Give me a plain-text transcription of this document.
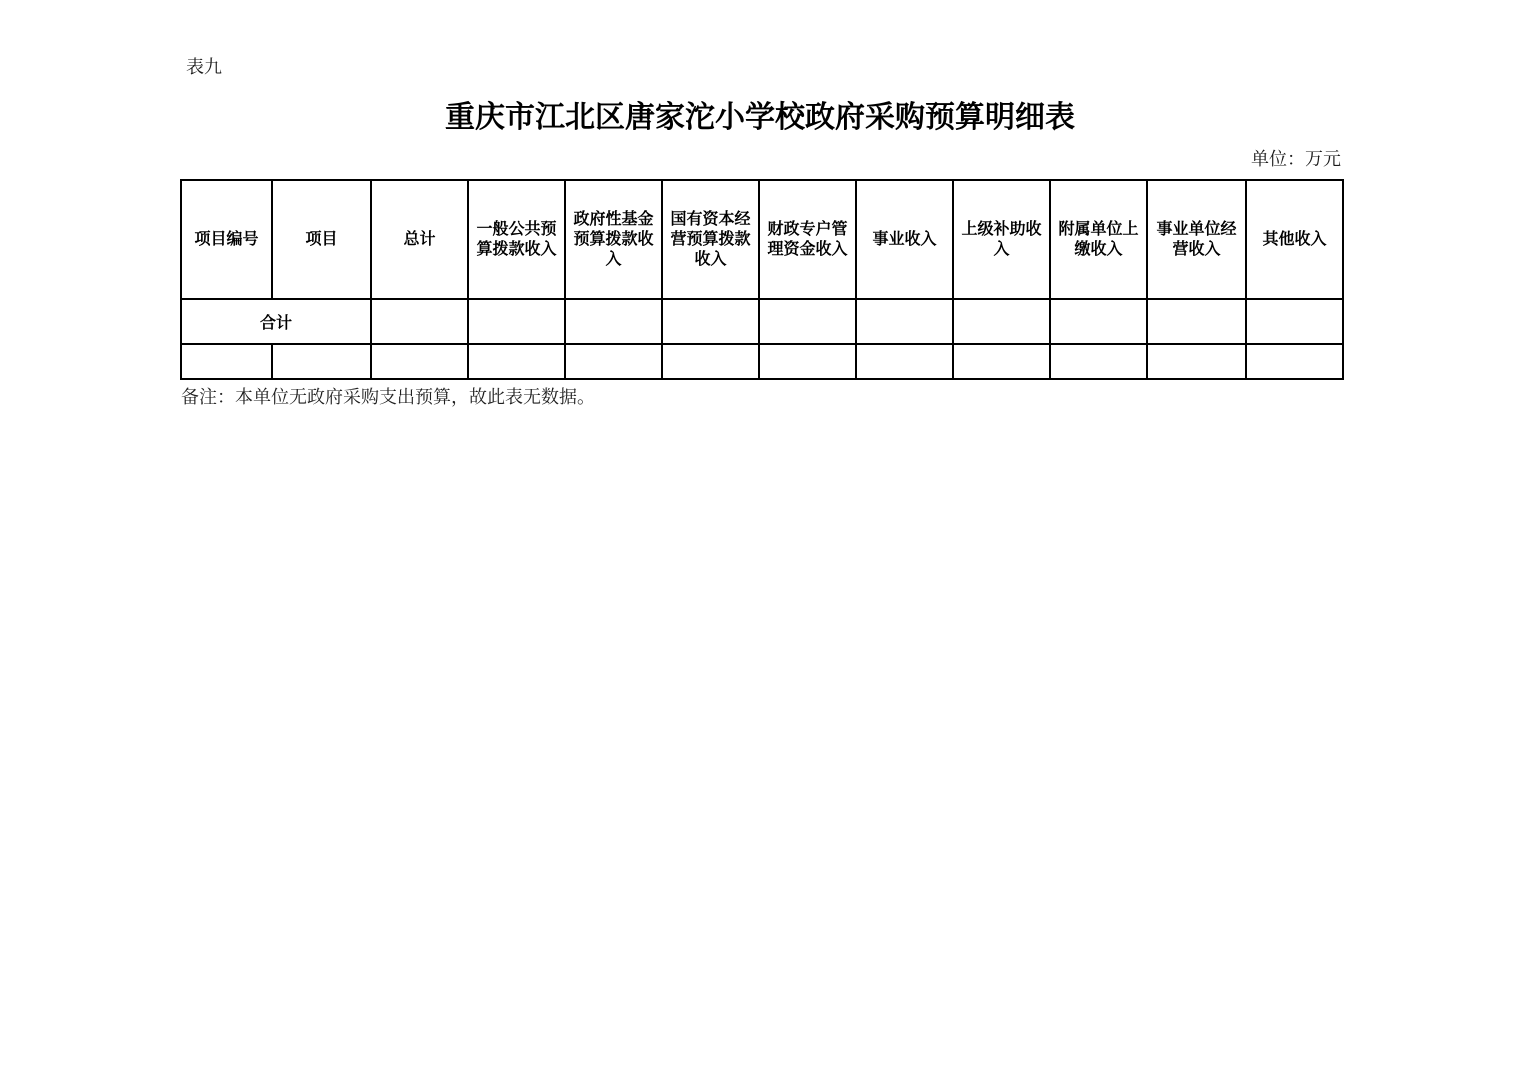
表九
重庆市江北区唐家沱小学校政府采购预算明细表
单位：万元
项目编号	项目	总计	一般公共预算拨款收入	政府性基金预算拨款收入	国有资本经营预算拨款收入	财政专户管理资金收入	事业收入	上级补助收入	附属单位上缴收入	事业单位经营收入	其他收入
合计											

备注：本单位无政府采购支出预算，故此表无数据。
